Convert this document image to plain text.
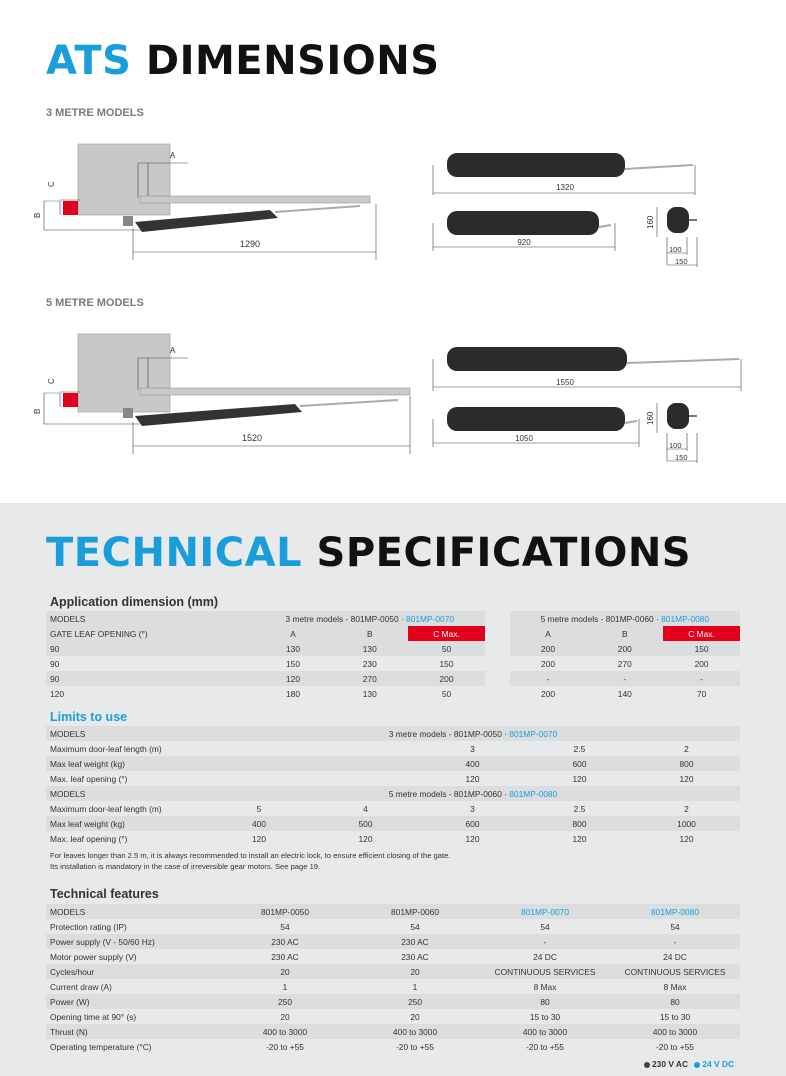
ATS DIMENSIONS
3 METRE MODELS
5 METRE MODELS
C
B
A
1290
1320
920
160
100
150
C
B
A
1520
1550
1050
160
100
150
TECHNICAL SPECIFICATIONS
Application dimension (mm)
MODELS	3 metre models - 801MP-0050 · 801MP-0070				5 metre models - 801MP-0060 · 801MP-0080		
GATE LEAF OPENING (°)	A	B	C Max.		A	B	C Max.
90	130	130	50		200	200	150
90	150	230	150		200	270	200
90	120	270	200		-	-	-
120	180	130	50		200	140	70
Limits to use
MODELS	3 metre models - 801MP-0050 · 801MP-0070				
Maximum door-leaf length (m)			3	2.5	2
Max leaf weight (kg)			400	600	800
Max. leaf opening (°)			120	120	120
MODELS	5 metre models - 801MP-0060 · 801MP-0080				
Maximum door-leaf length (m)	5	4	3	2.5	2
Max leaf weight (kg)	400	500	600	800	1000
Max. leaf opening (°)	120	120	120	120	120
For leaves longer than 2.5 m, it is always recommended to install an electric lock, to ensure efficient closing of the gate.
Its installation is mandatory in the case of irreversible gear motors. See page 19.
Technical features
MODELS	801MP-0050	801MP-0060	801MP-0070	801MP-0080
Protection rating (IP)	54	54	54	54
Power supply (V - 50/60 Hz)	230 AC	230 AC	-	-
Motor power supply (V)	230 AC	230 AC	24 DC	24 DC
Cycles/hour	20	20	CONTINUOUS SERVICES	CONTINUOUS SERVICES
Current draw (A)	1	1	8 Max	8 Max
Power (W)	250	250	80	80
Opening time at 90° (s)	20	20	15 to 30	15 to 30
Thrust (N)	400 to 3000	400 to 3000	400 to 3000	400 to 3000
Operating temperature (°C)	-20 to +55	-20 to +55	-20 to +55	-20 to +55
230 V AC 24 V DC
